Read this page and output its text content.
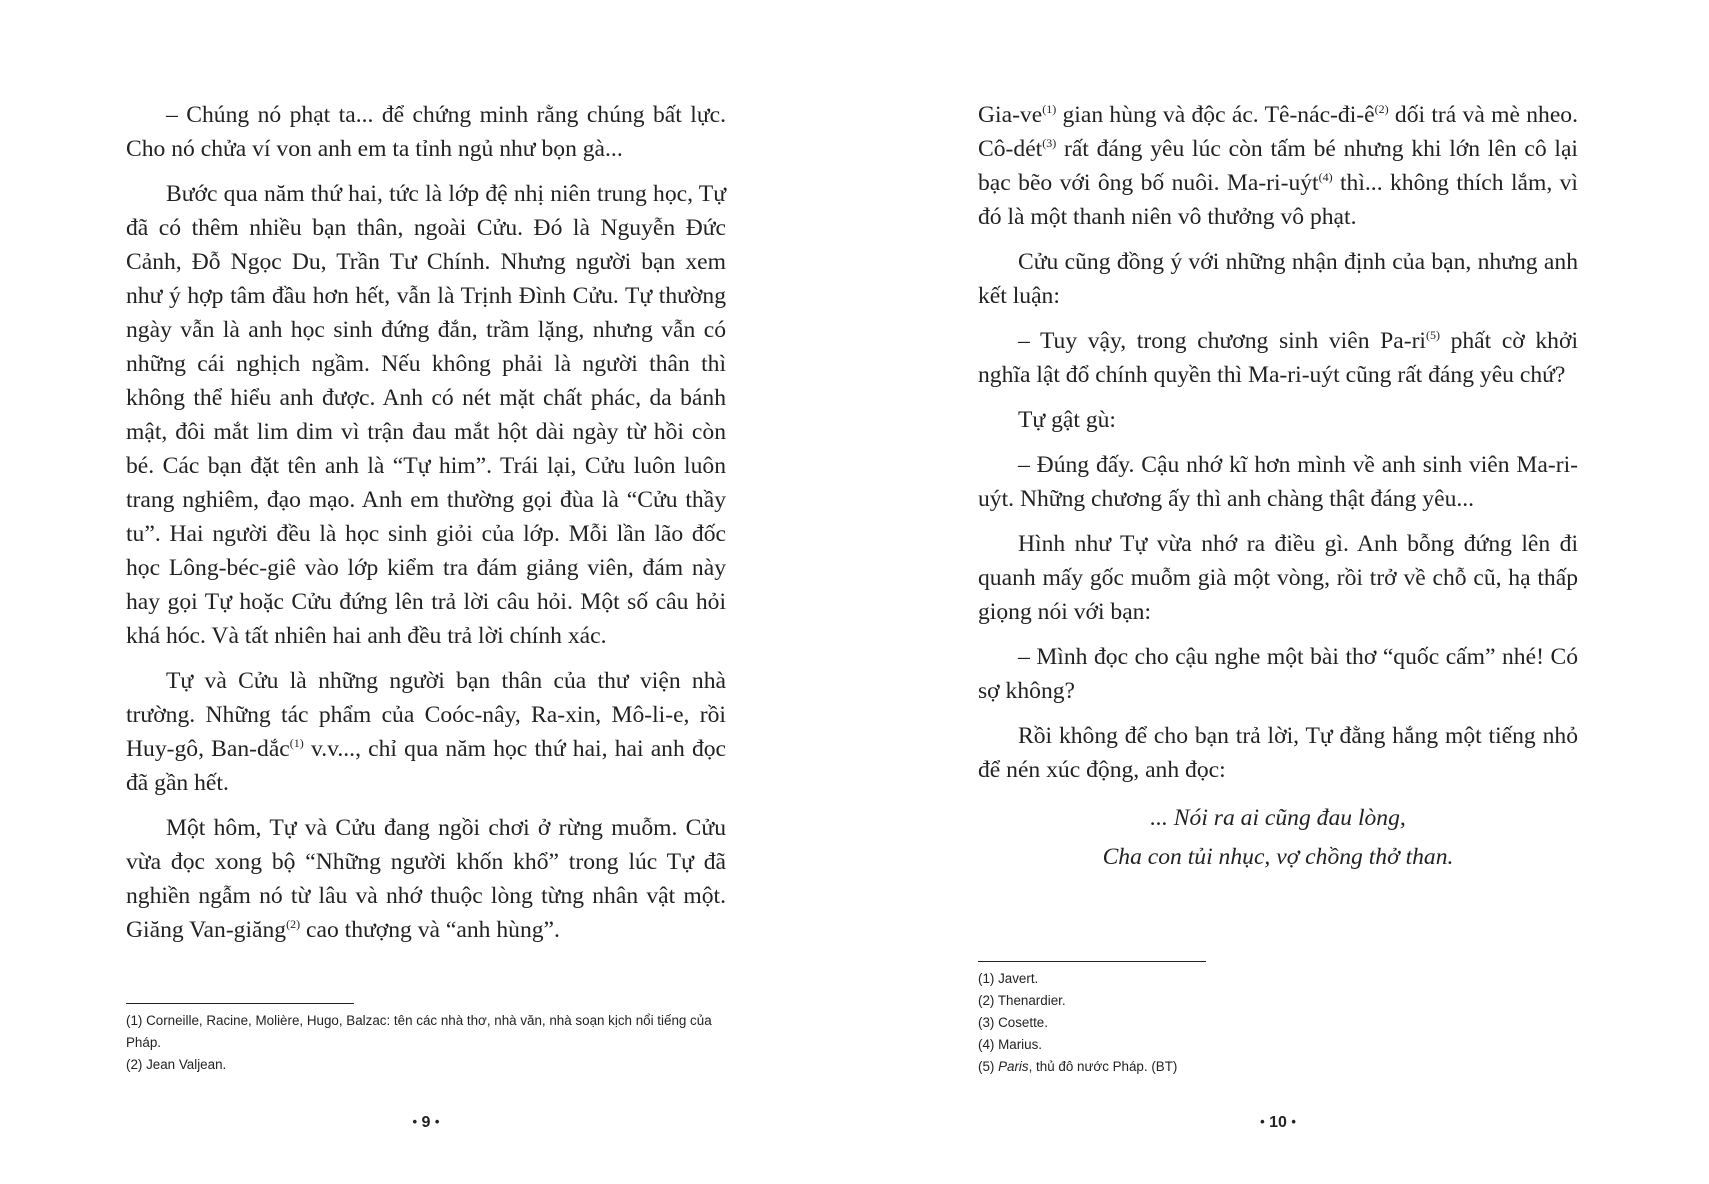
– Chúng nó phạt ta... để chứng minh rằng chúng bất lực. Cho nó chửa ví von anh em ta tỉnh ngủ như bọn gà...

Bước qua năm thứ hai, tức là lớp đệ nhị niên trung học, Tự đã có thêm nhiều bạn thân, ngoài Cửu. Đó là Nguyễn Đức Cảnh, Đỗ Ngọc Du, Trần Tư Chính. Nhưng người bạn xem như ý hợp tâm đầu hơn hết, vẫn là Trịnh Đình Cửu. Tự thường ngày vẫn là anh học sinh đứng đắn, trầm lặng, nhưng vẫn có những cái nghịch ngầm. Nếu không phải là người thân thì không thể hiểu anh được. Anh có nét mặt chất phác, da bánh mật, đôi mắt lim dim vì trận đau mắt hột dài ngày từ hồi còn bé. Các bạn đặt tên anh là “Tự him”. Trái lại, Cửu luôn luôn trang nghiêm, đạo mạo. Anh em thường gọi đùa là “Cửu thầy tu”. Hai người đều là học sinh giỏi của lớp. Mỗi lần lão đốc học Lông-béc-giê vào lớp kiểm tra đám giảng viên, đám này hay gọi Tự hoặc Cửu đứng lên trả lời câu hỏi. Một số câu hỏi khá hóc. Và tất nhiên hai anh đều trả lời chính xác.

Tự và Cửu là những người bạn thân của thư viện nhà trường. Những tác phẩm của Coóc-nây, Ra-xin, Mô-li-e, rồi Huy-gô, Ban-dắc$^{(1)}$ v.v..., chỉ qua năm học thứ hai, hai anh đọc đã gần hết.

Một hôm, Tự và Cửu đang ngồi chơi ở rừng muỗm. Cửu vừa đọc xong bộ “Những người khốn khổ” trong lúc Tự đã nghiền ngẫm nó từ lâu và nhớ thuộc lòng từng nhân vật một. Giăng Van-giăng$^{(2)}$ cao thượng và “anh hùng”.

(1) Corneille, Racine, Molière, Hugo, Balzac: tên các nhà thơ, nhà văn, nhà soạn kịch nổi tiếng của Pháp.

(2) Jean Valjean.

• 9 •

Gia-ve$^{(1)}$ gian hùng và độc ác. Tê-nác-đi-ê$^{(2)}$ dối trá và mè nheo. Cô-dét$^{(3)}$ rất đáng yêu lúc còn tấm bé nhưng khi lớn lên cô lại bạc bẽo với ông bố nuôi. Ma-ri-uýt$^{(4)}$ thì... không thích lắm, vì đó là một thanh niên vô thưởng vô phạt.

Cửu cũng đồng ý với những nhận định của bạn, nhưng anh kết luận:

– Tuy vậy, trong chương sinh viên Pa-ri$^{(5)}$ phất cờ khởi nghĩa lật đổ chính quyền thì Ma-ri-uýt cũng rất đáng yêu chứ?

Tự gật gù:

– Đúng đấy. Cậu nhớ kĩ hơn mình về anh sinh viên Ma-ri-uýt. Những chương ấy thì anh chàng thật đáng yêu...

Hình như Tự vừa nhớ ra điều gì. Anh bỗng đứng lên đi quanh mấy gốc muỗm già một vòng, rồi trở về chỗ cũ, hạ thấp giọng nói với bạn:

– Mình đọc cho cậu nghe một bài thơ “quốc cấm” nhé! Có sợ không?

Rồi không để cho bạn trả lời, Tự đằng hắng một tiếng nhỏ để nén xúc động, anh đọc:

... Nói ra ai cũng đau lòng,
Cha con tủi nhục, vợ chồng thở than.

(1) Javert.

(2) Thenardier.

(3) Cosette.

(4) Marius.

(5) Paris, thủ đô nước Pháp. (BT)

• 10 •
